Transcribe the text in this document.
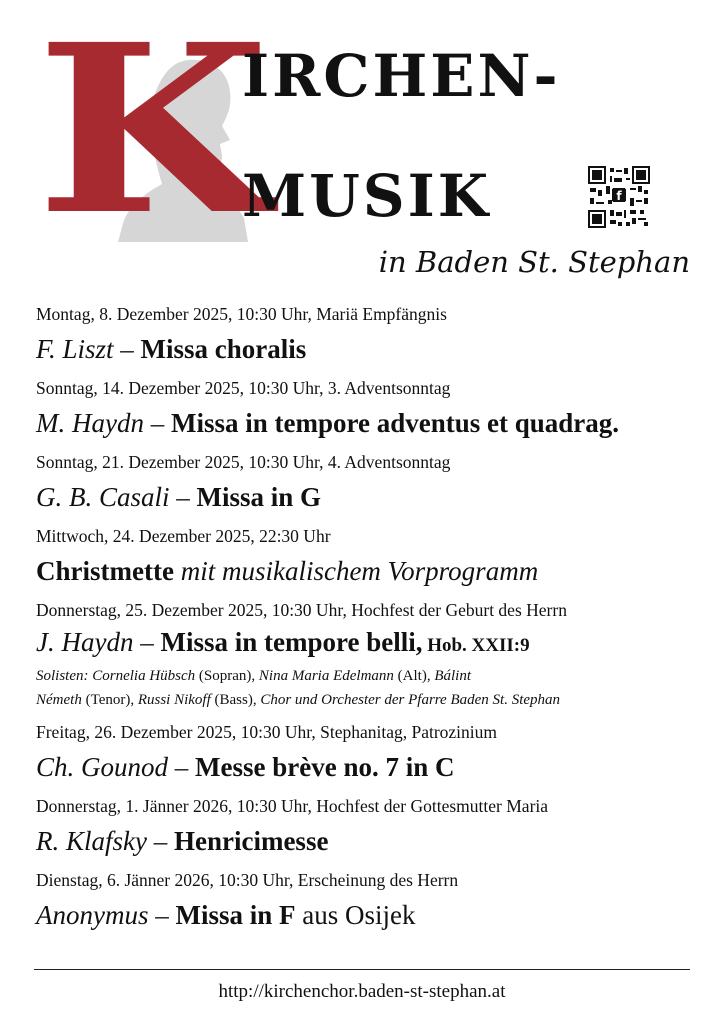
K
IRCHEN-
MUSIK	f
in Baden St. Stephan
Montag, 8. Dezember 2025, 10:30 Uhr, Mariä Empfängnis
F. Liszt – Missa choralis
Sonntag, 14. Dezember 2025, 10:30 Uhr, 3. Adventsonntag
M. Haydn – Missa in tempore adventus et quadrag.
Sonntag, 21. Dezember 2025, 10:30 Uhr, 4. Adventsonntag
G. B. Casali – Missa in G
Mittwoch, 24. Dezember 2025, 22:30 Uhr
Christmette mit musikalischem Vorprogramm
Donnerstag, 25. Dezember 2025, 10:30 Uhr, Hochfest der Geburt des Herrn
J. Haydn – Missa in tempore belli, Hob. XXII:9
Solisten: Cornelia Hübsch (Sopran), Nina Maria Edelmann (Alt), Bálint
Németh (Tenor), Russi Nikoff (Bass), Chor und Orchester der Pfarre Baden St. Stephan
Freitag, 26. Dezember 2025, 10:30 Uhr, Stephanitag, Patrozinium
Ch. Gounod – Messe brève no. 7 in C
Donnerstag, 1. Jänner 2026, 10:30 Uhr, Hochfest der Gottesmutter Maria
R. Klafsky – Henricimesse
Dienstag, 6. Jänner 2026, 10:30 Uhr, Erscheinung des Herrn
Anonymus – Missa in F aus Osijek
http://kirchenchor.baden-st-stephan.at
